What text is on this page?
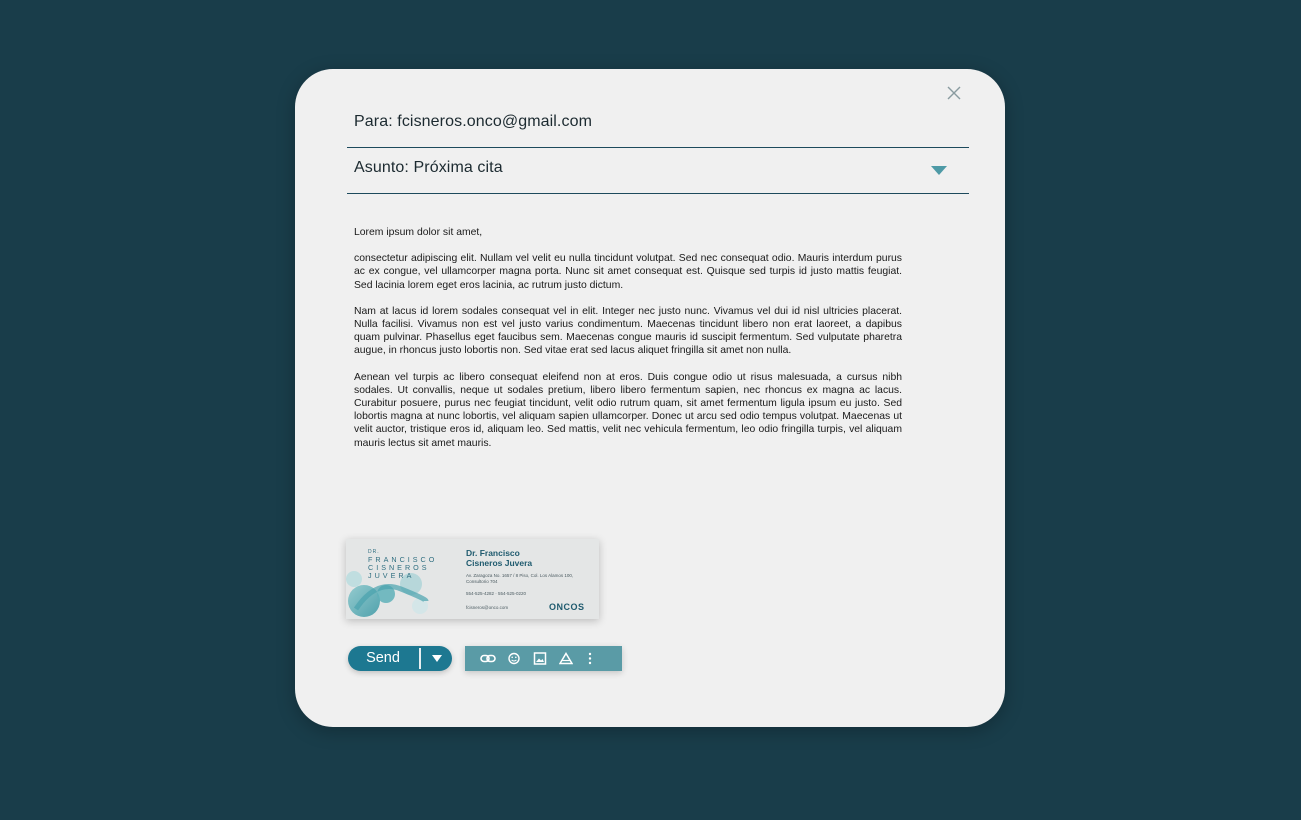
Para: fcisneros.onco@gmail.com
Asunto: Próxima cita

Lorem ipsum dolor sit amet,

consectetur adipiscing elit. Nullam vel velit eu nulla tincidunt volutpat. Sed nec consequat odio. Mauris interdum purus ac ex congue, vel ullamcorper magna porta. Nunc sit amet consequat est. Quisque sed turpis id justo mattis feugiat. Sed lacinia lorem eget eros lacinia, ac rutrum justo dictum.

Nam at lacus id lorem sodales consequat vel in elit. Integer nec justo nunc. Vivamus vel dui id nisl ultricies placerat. Nulla facilisi. Vivamus non est vel justo varius condimentum. Maecenas tincidunt libero non erat laoreet, a dapibus quam pulvinar. Phasellus eget faucibus sem. Maecenas congue mauris id suscipit fermentum. Sed vulputate pharetra augue, in rhoncus justo lobortis non. Sed vitae erat sed lacus aliquet fringilla sit amet non nulla.

Aenean vel turpis ac libero consequat eleifend non at eros. Duis congue odio ut risus malesuada, a cursus nibh sodales. Ut convallis, neque ut sodales pretium, libero libero fermentum sapien, nec rhoncus ex magna ac lacus. Curabitur posuere, purus nec feugiat tincidunt, velit odio rutrum quam, sit amet fermentum ligula ipsum eu justo. Sed lobortis magna at nunc lobortis, vel aliquam sapien ullamcorper. Donec ut arcu sed odio tempus volutpat. Maecenas ut velit auctor, tristique eros id, aliquam leo. Sed mattis, velit nec vehicula fermentum, leo odio fringilla turpis, vel aliquam mauris lectus sit amet mauris.

DR.
FRANCISCO
CISNEROS
JUVERA
Dr. Francisco
Cisneros Juvera
Av. Zaragoza No. 1657 / 8 Piso, Col. Los Alamos 100, Consultorio 704
554-525-4282 · 554-525-0220
fcisneros@onco.com	ONCOS
Send
